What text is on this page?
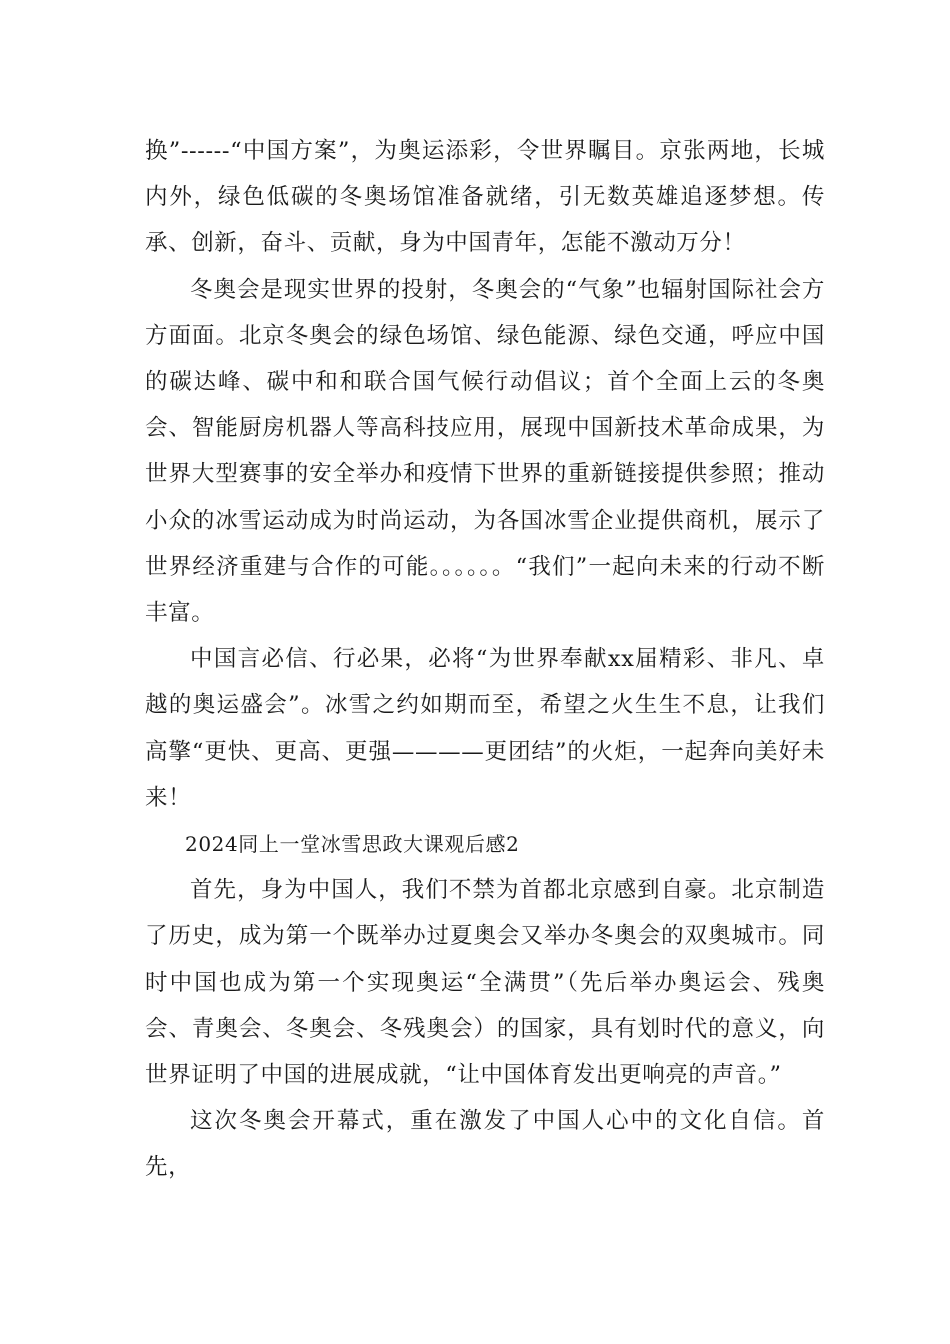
换”------“中国方案”，为奥运添彩，令世界瞩目。京张两地，长城内外，绿色低碳的冬奥场馆准备就绪，引无数英雄追逐梦想。传承、创新，奋斗、贡献，身为中国青年，怎能不激动万分！

冬奥会是现实世界的投射，冬奥会的“气象”也辐射国际社会方方面面。北京冬奥会的绿色场馆、绿色能源、绿色交通，呼应中国的碳达峰、碳中和和联合国气候行动倡议；首个全面上云的冬奥会、智能厨房机器人等高科技应用，展现中国新技术革命成果，为世界大型赛事的安全举办和疫情下世界的重新链接提供参照；推动小众的冰雪运动成为时尚运动，为各国冰雪企业提供商机，展示了世界经济重建与合作的可能。。。。。。“我们”一起向未来的行动不断丰富。

中国言必信、行必果，必将“为世界奉献xx届精彩、非凡、卓越的奥运盛会”。冰雪之约如期而至，希望之火生生不息，让我们高擎“更快、更高、更强————更团结”的火炬，一起奔向美好未来！

2024同上一堂冰雪思政大课观后感2

首先，身为中国人，我们不禁为首都北京感到自豪。北京制造了历史，成为第一个既举办过夏奥会又举办冬奥会的双奥城市。同时中国也成为第一个实现奥运“全满贯”（先后举办奥运会、残奥会、青奥会、冬奥会、冬残奥会）的国家，具有划时代的意义，向世界证明了中国的进展成就，“让中国体育发出更响亮的声音。”

这次冬奥会开幕式，重在激发了中国人心中的文化自信。首先，
